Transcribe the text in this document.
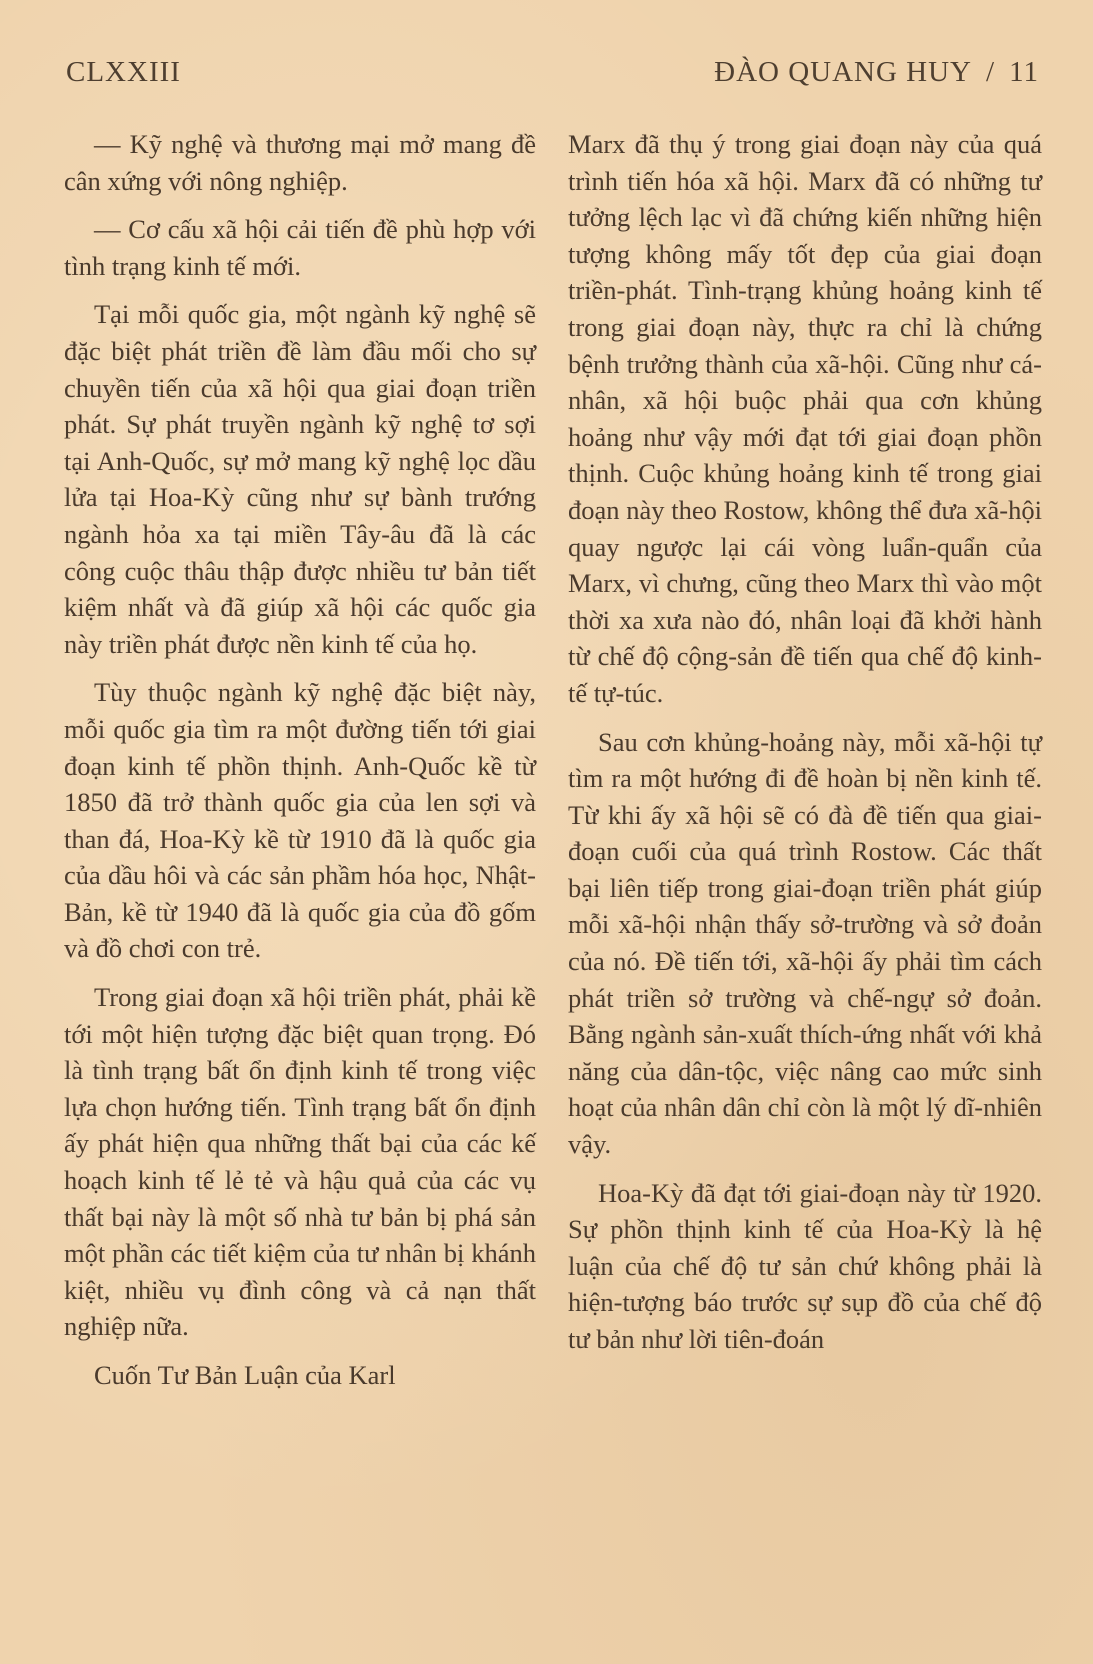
CLXXIII	ĐÀO QUANG HUY / 11

— Kỹ nghệ và thương mại mở mang đề cân xứng với nông nghiệp.

— Cơ cấu xã hội cải tiến đề phù hợp với tình trạng kinh tế mới.

Tại mỗi quốc gia, một ngành kỹ nghệ sẽ đặc biệt phát triền đề làm đầu mối cho sự chuyền tiến của xã hội qua giai đoạn triền phát. Sự phát truyền ngành kỹ nghệ tơ sợi tại Anh-Quốc, sự mở mang kỹ nghệ lọc dầu lửa tại Hoa-Kỳ cũng như sự bành trướng ngành hỏa xa tại miền Tây-âu đã là các công cuộc thâu thập được nhiều tư bản tiết kiệm nhất và đã giúp xã hội các quốc gia này triền phát được nền kinh tế của họ.

Tùy thuộc ngành kỹ nghệ đặc biệt này, mỗi quốc gia tìm ra một đường tiến tới giai đoạn kinh tế phồn thịnh. Anh-Quốc kề từ 1850 đã trở thành quốc gia của len sợi và than đá, Hoa-Kỳ kề từ 1910 đã là quốc gia của dầu hôi và các sản phầm hóa học, Nhật-Bản, kề từ 1940 đã là quốc gia của đồ gốm và đồ chơi con trẻ.

Trong giai đoạn xã hội triền phát, phải kề tới một hiện tượng đặc biệt quan trọng. Đó là tình trạng bất ổn định kinh tế trong việc lựa chọn hướng tiến. Tình trạng bất ổn định ấy phát hiện qua những thất bại của các kế hoạch kinh tế lẻ tẻ và hậu quả của các vụ thất bại này là một số nhà tư bản bị phá sản một phần các tiết kiệm của tư nhân bị khánh kiệt, nhiều vụ đình công và cả nạn thất nghiệp nữa.

Cuốn Tư Bản Luận của Karl

Marx đã thụ ý trong giai đoạn này của quá trình tiến hóa xã hội. Marx đã có những tư tưởng lệch lạc vì đã chứng kiến những hiện tượng không mấy tốt đẹp của giai đoạn triền-phát. Tình-trạng khủng hoảng kinh tế trong giai đoạn này, thực ra chỉ là chứng bệnh trưởng thành của xã-hội. Cũng như cá-nhân, xã hội buộc phải qua cơn khủng hoảng như vậy mới đạt tới giai đoạn phồn thịnh. Cuộc khủng hoảng kinh tế trong giai đoạn này theo Rostow, không thể đưa xã-hội quay ngược lại cái vòng luẩn-quẩn của Marx, vì chưng, cũng theo Marx thì vào một thời xa xưa nào đó, nhân loại đã khởi hành từ chế độ cộng-sản đề tiến qua chế độ kinh-tế tự-túc.

Sau cơn khủng-hoảng này, mỗi xã-hội tự tìm ra một hướng đi đề hoàn bị nền kinh tế. Từ khi ấy xã hội sẽ có đà đề tiến qua giai-đoạn cuối của quá trình Rostow. Các thất bại liên tiếp trong giai-đoạn triền phát giúp mỗi xã-hội nhận thấy sở-trường và sở đoản của nó. Đề tiến tới, xã-hội ấy phải tìm cách phát triền sở trường và chế-ngự sở đoản. Bằng ngành sản-xuất thích-ứng nhất với khả năng của dân-tộc, việc nâng cao mức sinh hoạt của nhân dân chỉ còn là một lý dĩ-nhiên vậy.

Hoa-Kỳ đã đạt tới giai-đoạn này từ 1920. Sự phồn thịnh kinh tế của Hoa-Kỳ là hệ luận của chế độ tư sản chứ không phải là hiện-tượng báo trước sự sụp đồ của chế độ tư bản như lời tiên-đoán
